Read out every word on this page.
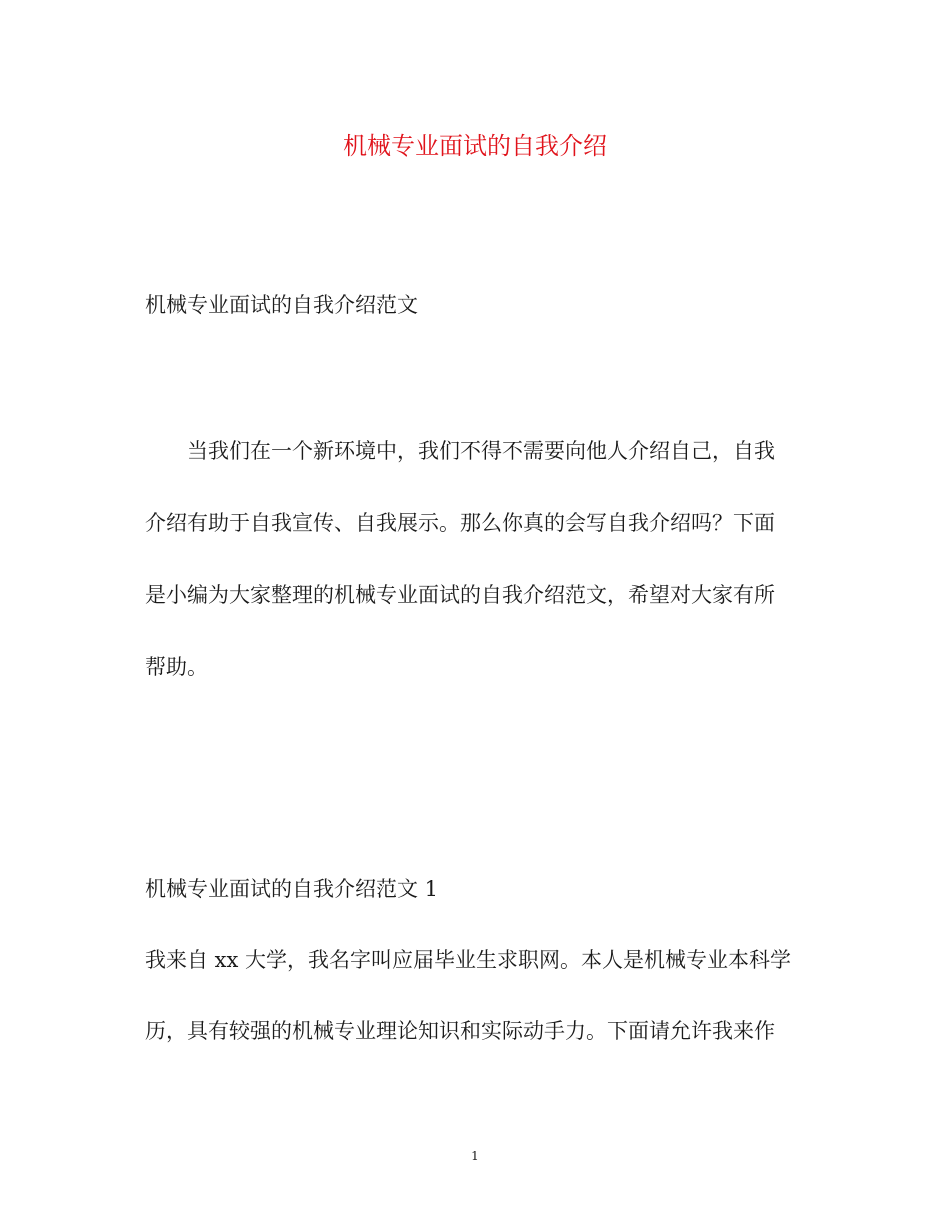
机械专业面试的自我介绍

机械专业面试的自我介绍范文

当我们在一个新环境中，我们不得不需要向他人介绍自己，自我

介绍有助于自我宣传、自我展示。那么你真的会写自我介绍吗？下面

是小编为大家整理的机械专业面试的自我介绍范文，希望对大家有所

帮助。

机械专业面试的自我介绍范文 1

我来自 xx 大学，我名字叫应届毕业生求职网。本人是机械专业本科学

历，具有较强的机械专业理论知识和实际动手力。下面请允许我来作

1
